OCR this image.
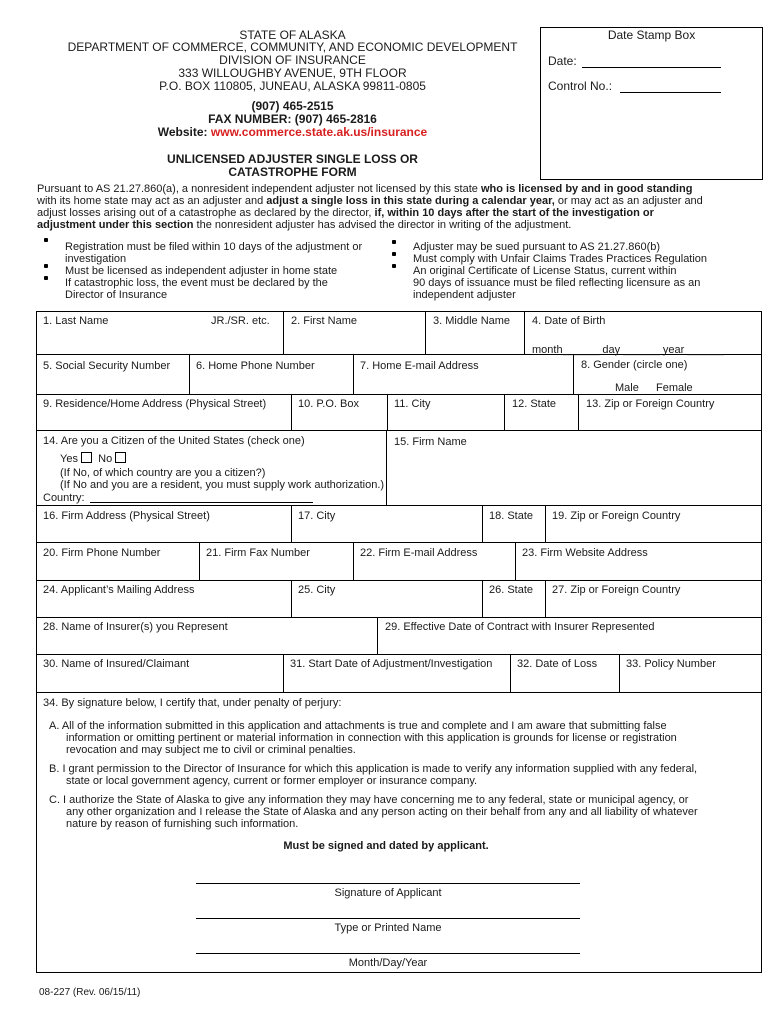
STATE OF ALASKA
DEPARTMENT OF COMMERCE, COMMUNITY, AND ECONOMIC DEVELOPMENT
DIVISION OF INSURANCE
333 WILLOUGHBY AVENUE, 9TH FLOOR
P.O. BOX 110805, JUNEAU, ALASKA 99811-0805
(907) 465-2515
FAX NUMBER: (907) 465-2816
Website: www.commerce.state.ak.us/insurance
UNLICENSED ADJUSTER SINGLE LOSS OR
CATASTROPHE FORM
Date Stamp Box
Date:
Control No.:
Pursuant to AS 21.27.860(a), a nonresident independent adjuster not licensed by this state who is licensed by and in good standing
with its home state may act as an adjuster and adjust a single loss in this state during a calendar year, or may act as an adjuster and
adjust losses arising out of a catastrophe as declared by the director, if, within 10 days after the start of the investigation or
adjustment under this section the nonresident adjuster has advised the director in writing of the adjustment.
Registration must be filed within 10 days of the adjustment or
investigation
Must be licensed as independent adjuster in home state
If catastrophic loss, the event must be declared by the
Director of Insurance
Adjuster may be sued pursuant to AS 21.27.860(b)
Must comply with Unfair Claims Trades Practices Regulation
An original Certificate of License Status, current within
90 days of issuance must be filed reflecting licensure as an
independent adjuster
1. Last Name	JR./SR. etc. 2. First Name	3. Middle Name 4. Date of Birth
month______ day ______ year ______
5. Social Security Number 6. Home Phone Number	7. Home E-mail Address	8. Gender (circle one)
Male Female
9. Residence/Home Address (Physical Street)	10. P.O. Box	11. City	12. State	13. Zip or Foreign Country
14. Are you a Citizen of the United States (check one)
Yes No
(If No, of which country are you a citizen?)
(If No and you are a resident, you must supply work authorization.)
Country:
15. Firm Name
16. Firm Address (Physical Street)	17. City	18. State 19. Zip or Foreign Country
20. Firm Phone Number	21. Firm Fax Number	22. Firm E-mail Address	23. Firm Website Address
24. Applicant’s Mailing Address	25. City	26. State 27. Zip or Foreign Country
28. Name of Insurer(s) you Represent	29. Effective Date of Contract with Insurer Represented
30. Name of Insured/Claimant	31. Start Date of Adjustment/Investigation 32. Date of Loss	33. Policy Number
34. By signature below, I certify that, under penalty of perjury:
A. All of the information submitted in this application and attachments is true and complete and I am aware that submitting false
information or omitting pertinent or material information in connection with this application is grounds for license or registration
revocation and may subject me to civil or criminal penalties.
B. I grant permission to the Director of Insurance for which this application is made to verify any information supplied with any federal,
state or local government agency, current or former employer or insurance company.
C. I authorize the State of Alaska to give any information they may have concerning me to any federal, state or municipal agency, or
any other organization and I release the State of Alaska and any person acting on their behalf from any and all liability of whatever
nature by reason of furnishing such information.
Must be signed and dated by applicant.
Signature of Applicant
Type or Printed Name
Month/Day/Year
08-227 (Rev. 06/15/11)
